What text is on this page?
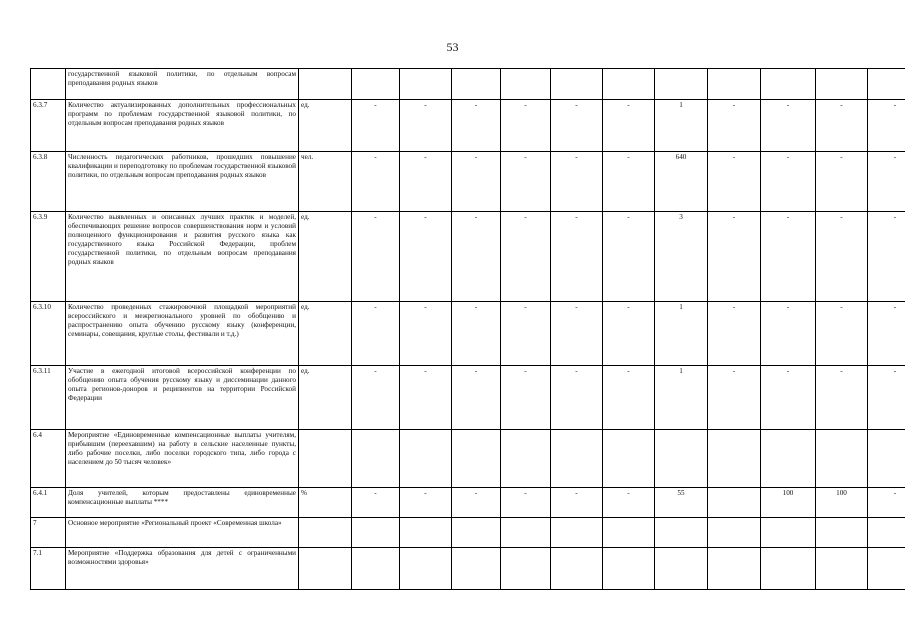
53
	государственной языковой политики, по отдельным вопросам преподавания родных языков												
6.3.7	Количество актуализированных дополнительных профессиональных программ по проблемам государственной языковой политики, по отдельным вопросам преподавания родных языков	ед.	-	-	-	-	-	-	1	-	-	-	-
6.3.8	Численность педагогических работников, прошедших повышение квалификации и переподготовку по проблемам государственной языковой политики, по отдельным вопросам преподавания родных языков	чел.	-	-	-	-	-	-	640	-	-	-	-
6.3.9	Количество выявленных и описанных лучших практик и моделей, обеспечивающих решение вопросов совершенствования норм и условий полноценного функционирования и развития русского языка как государственного языка Российской Федерации, проблем государственной политики, по отдельным вопросам преподавания родных языков	ед.	-	-	-	-	-	-	3	-	-	-	-
6.3.10	Количество проведенных стажировочной площадкой мероприятий всероссийского и межрегионального уровней по обобщению и распространению опыта обучению русскому языку (конференции, семинары, совещания, круглые столы, фестивали и т.д.)	ед.	-	-	-	-	-	-	1	-	-	-	-
6.3.11	Участие в ежегодной итоговой всероссийской конференции по обобщению опыта обучения русскому языку и диссеминации данного опыта регионов-доноров и реципиентов на территории Российской Федерации	ед.	-	-	-	-	-	-	1	-	-	-	-
6.4	Мероприятие «Единовременные компенсационные выплаты учителям, прибывшим (переехавшим) на работу в сельские населенные пункты, либо рабочие поселки, либо поселки городского типа, либо города с населением до 50 тысяч человек»												
6.4.1	Доля учителей, которым предоставлены единовременные компенсационные выплаты ****	%	-	-	-	-	-	-	55		100	100	-
7	Основное мероприятие «Региональный проект «Современная школа»												
7.1	Мероприятие «Поддержка образования для детей с ограниченными возможностями здоровья»												
